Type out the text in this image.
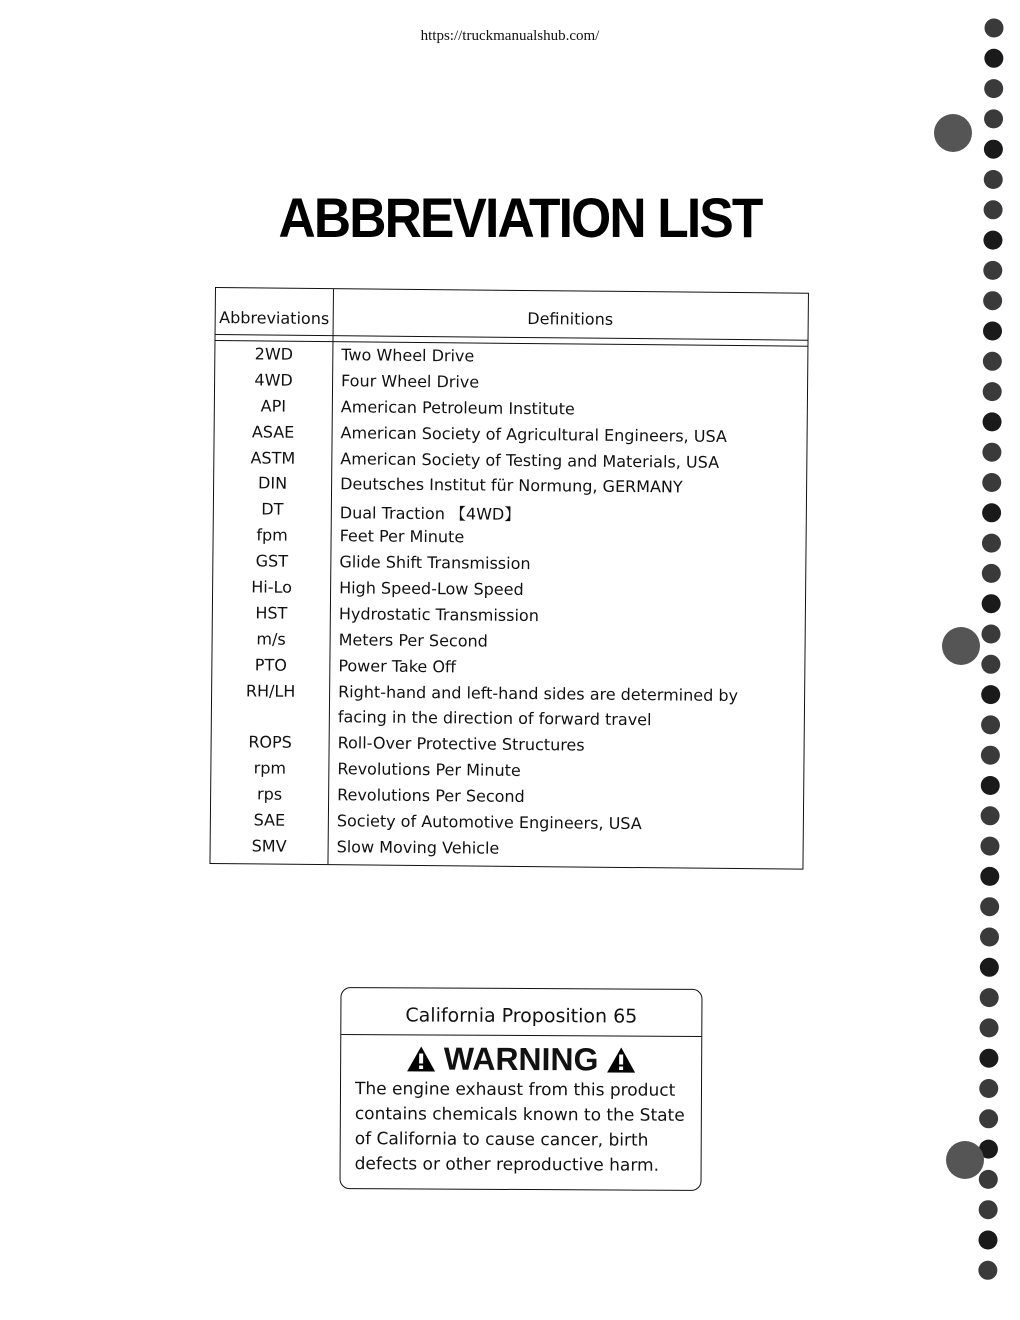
https://truckmanualshub.com/
ABBREVIATION LIST
Abbreviations	Definitions
2WD	Two Wheel Drive
4WD	Four Wheel Drive
API	American Petroleum Institute
ASAE	American Society of Agricultural Engineers, USA
ASTM	American Society of Testing and Materials, USA
DIN	Deutsches Institut für Normung, GERMANY
DT	Dual Traction 【4WD】
fpm	Feet Per Minute
GST	Glide Shift Transmission
Hi-Lo	High Speed-Low Speed
HST	Hydrostatic Transmission
m/s	Meters Per Second
PTO	Power Take Off
RH/LH	Right-hand and left-hand sides are determined by
facing in the direction of forward travel
ROPS	Roll-Over Protective Structures
rpm	Revolutions Per Minute
rps	Revolutions Per Second
SAE	Society of Automotive Engineers, USA
SMV	Slow Moving Vehicle
California Proposition 65
WARNING
The engine exhaust from this product
contains chemicals known to the State
of California to cause cancer, birth
defects or other reproductive harm.
